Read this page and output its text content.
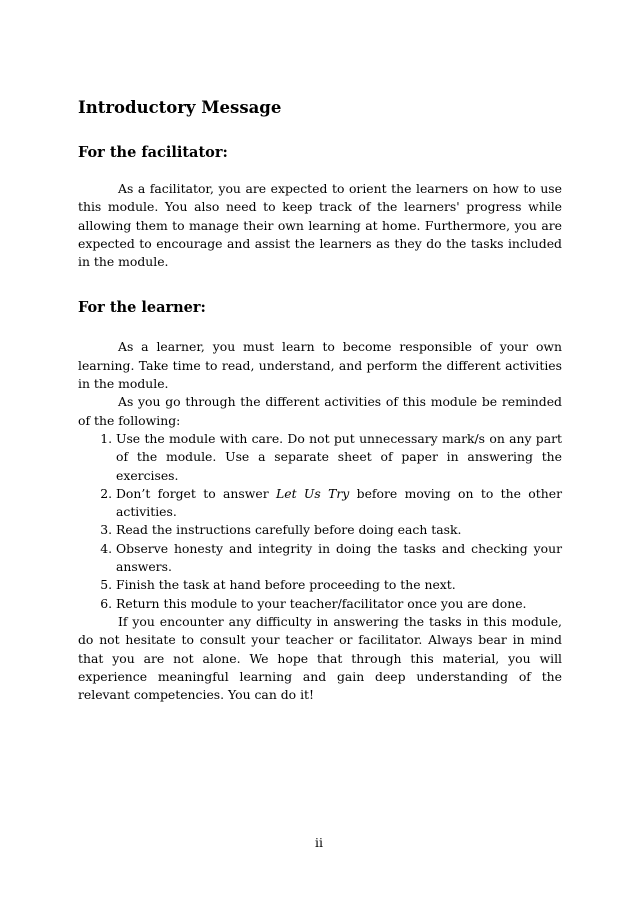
Introductory Message
For the facilitator:

As a facilitator, you are expected to orient the learners on how to use this module. You also need to keep track of the learners' progress while allowing them to manage their own learning at home. Furthermore, you are expected to encourage and assist the learners as they do the tasks included in the module.

For the learner:

As a learner, you must learn to become responsible of your own learning. Take time to read, understand, and perform the different activities in the module.

As you go through the different activities of this module be reminded of the following:

1. Use the module with care. Do not put unnecessary mark/s on any part of the module. Use a separate sheet of paper in answering the exercises.
2. Don’t forget to answer Let Us Try before moving on to the other activities.
3. Read the instructions carefully before doing each task.
4. Observe honesty and integrity in doing the tasks and checking your answers.
5. Finish the task at hand before proceeding to the next.
6. Return this module to your teacher/facilitator once you are done.

If you encounter any difficulty in answering the tasks in this module, do not hesitate to consult your teacher or facilitator. Always bear in mind that you are not alone. We hope that through this material, you will experience meaningful learning and gain deep understanding of the relevant competencies. You can do it!

ii
